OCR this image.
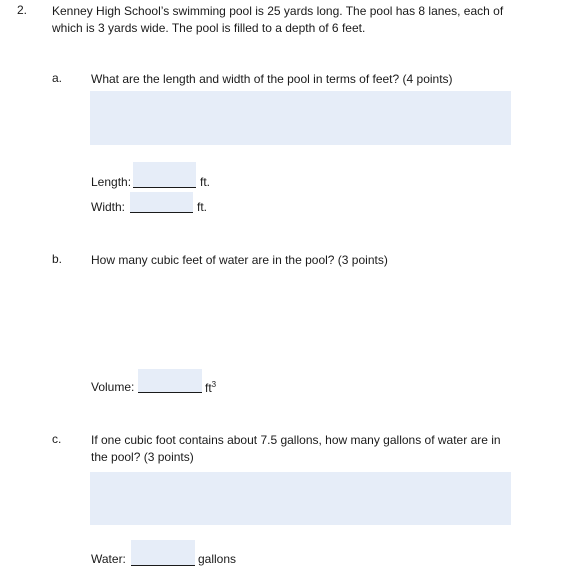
2. Kenney High School’s swimming pool is 25 yards long. The pool has 8 lanes, each of
which is 3 yards wide. The pool is filled to a depth of 6 feet.
a. What are the length and width of the pool in terms of feet? (4 points)
Length:	ft.
Width:	ft.
b. How many cubic feet of water are in the pool? (3 points)
Volume:	$ft^3$
c. If one cubic foot contains about 7.5 gallons, how many gallons of water are in
the pool? (3 points)
Water:	gallons
